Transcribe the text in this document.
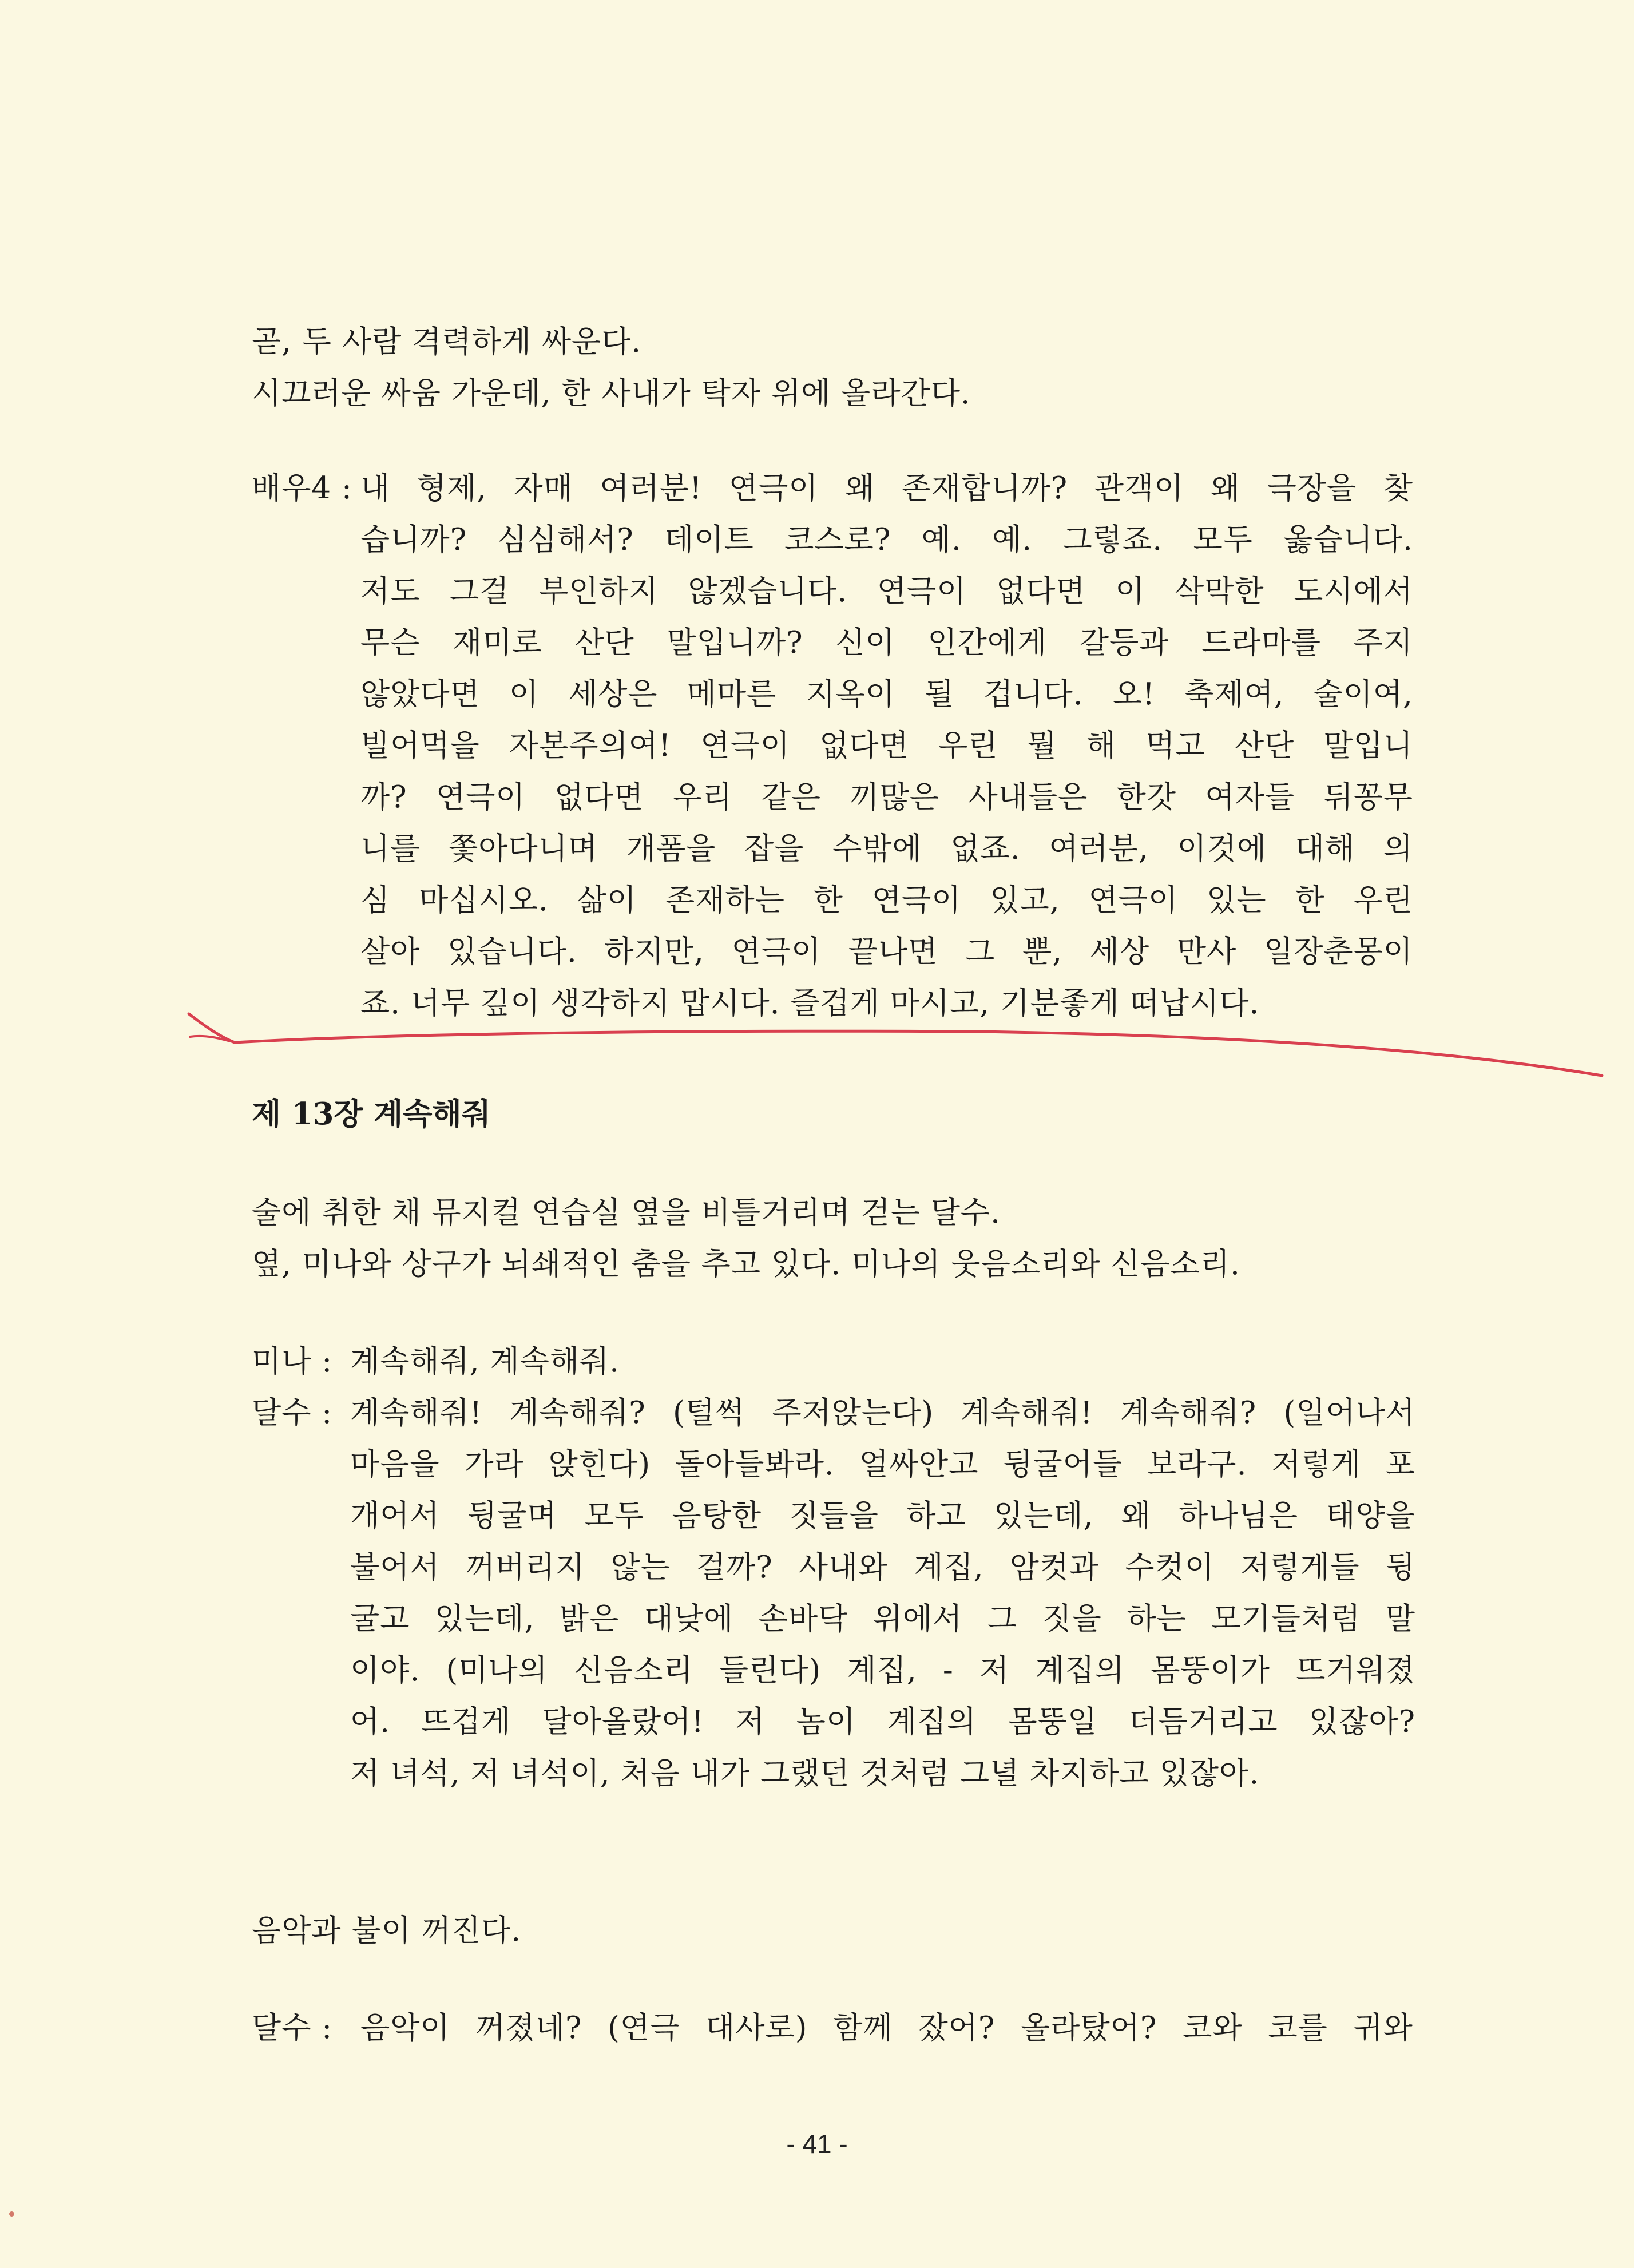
곧, 두 사람 격력하게 싸운다.
시끄러운 싸움 가운데, 한 사내가 탁자 위에 올라간다.
배우4 : 내 형제, 자매 여러분! 연극이 왜 존재합니까? 관객이 왜 극장을 찾
습니까? 심심해서? 데이트 코스로? 예. 예. 그렇죠. 모두 옳습니다.
저도 그걸 부인하지 않겠습니다. 연극이 없다면 이 삭막한 도시에서
무슨 재미로 산단 말입니까? 신이 인간에게 갈등과 드라마를 주지
않았다면 이 세상은 메마른 지옥이 될 겁니다. 오! 축제여, 술이여,
빌어먹을 자본주의여! 연극이 없다면 우린 뭘 해 먹고 산단 말입니
까? 연극이 없다면 우리 같은 끼많은 사내들은 한갓 여자들 뒤꽁무
니를 쫓아다니며 개폼을 잡을 수밖에 없죠. 여러분, 이것에 대해 의
심 마십시오. 삶이 존재하는 한 연극이 있고, 연극이 있는 한 우린
살아 있습니다. 하지만, 연극이 끝나면 그 뿐, 세상 만사 일장춘몽이
죠. 너무 깊이 생각하지 맙시다. 즐겁게 마시고, 기분좋게 떠납시다.
제 13장 계속해줘
술에 취한 채 뮤지컬 연습실 옆을 비틀거리며 걷는 달수.
옆, 미나와 상구가 뇌쇄적인 춤을 추고 있다. 미나의 웃음소리와 신음소리.
미나 : 계속해줘, 계속해줘.
달수 : 계속해줘! 계속해줘? (털썩 주저앉는다) 계속해줘! 계속해줘? (일어나서
마음을 가라 앉힌다) 돌아들봐라. 얼싸안고 뒹굴어들 보라구. 저렇게 포
개어서 뒹굴며 모두 음탕한 짓들을 하고 있는데, 왜 하나님은 태양을
불어서 꺼버리지 않는 걸까? 사내와 계집, 암컷과 수컷이 저렇게들 뒹
굴고 있는데, 밝은 대낮에 손바닥 위에서 그 짓을 하는 모기들처럼 말
이야. (미나의 신음소리 들린다) 계집, - 저 계집의 몸뚱이가 뜨거워졌
어. 뜨겁게 달아올랐어! 저 놈이 계집의 몸뚱일 더듬거리고 있잖아?
저 녀석, 저 녀석이, 처음 내가 그랬던 것처럼 그녈 차지하고 있잖아.
음악과 불이 꺼진다.
달수 : 음악이 꺼졌네? (연극 대사로) 함께 잤어? 올라탔어? 코와 코를 귀와
- 41 -
